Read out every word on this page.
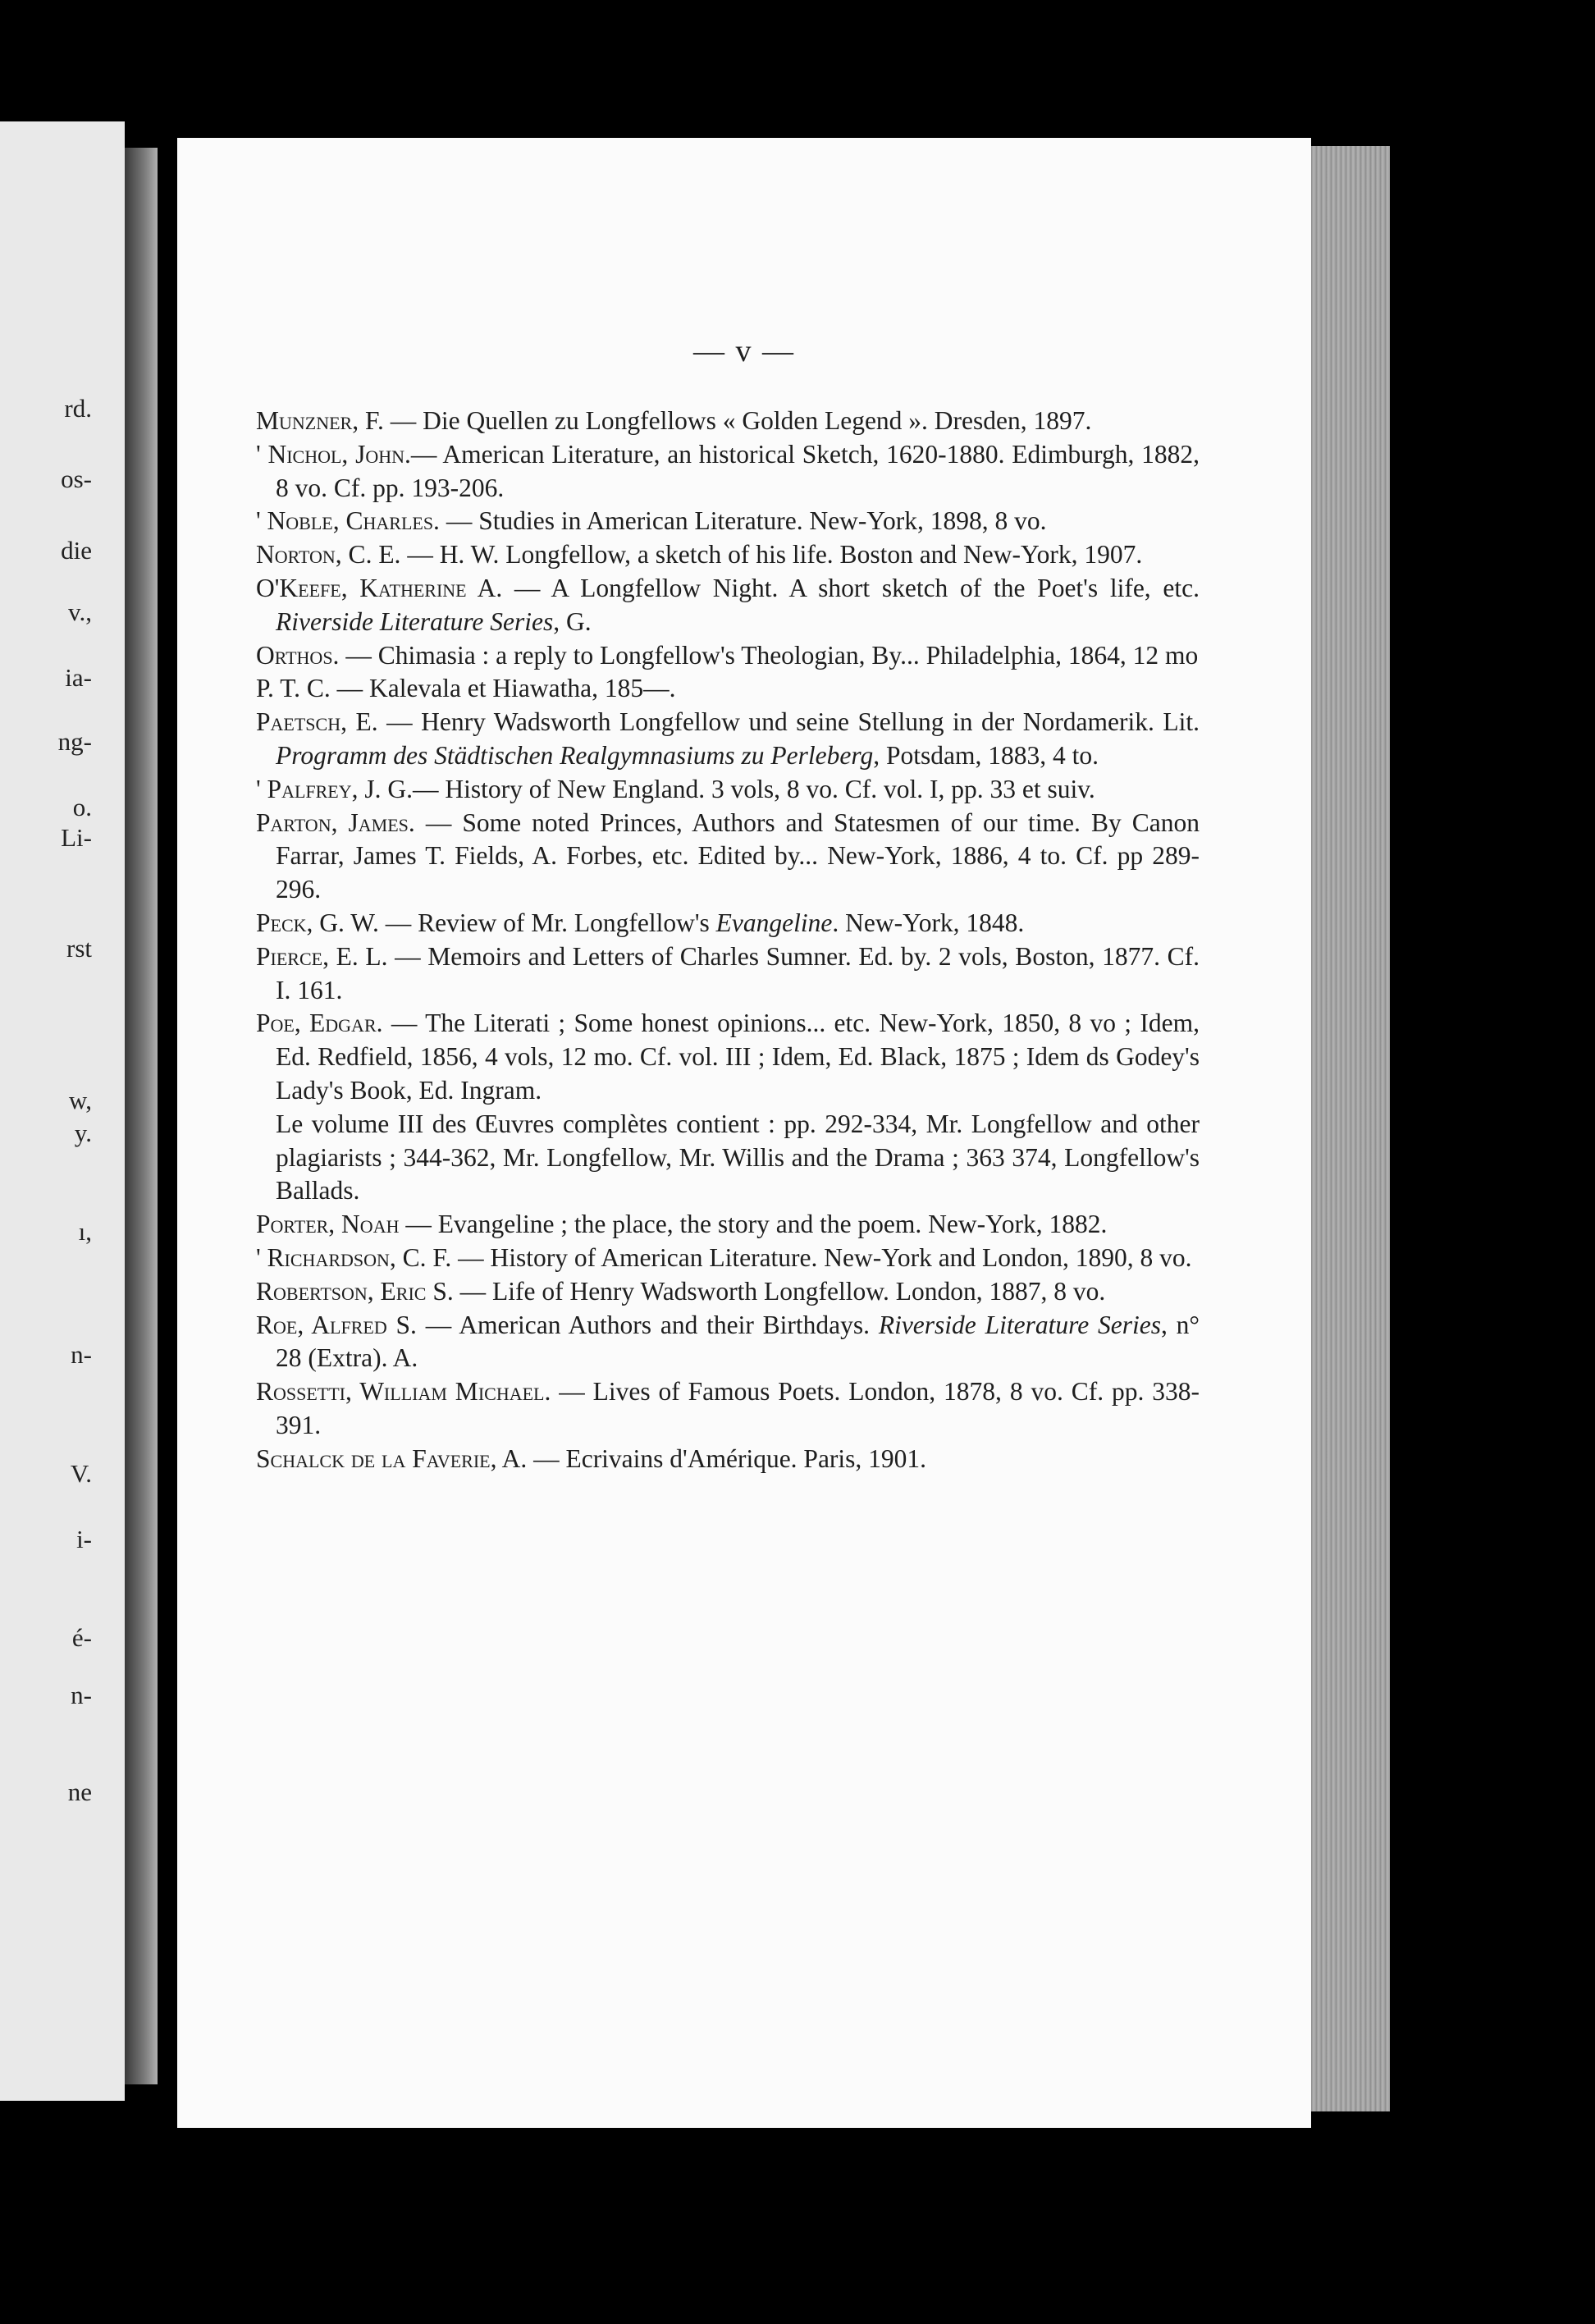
rd.
os-
die
v.,
ia-
ng-
o.
Li-
rst
w,
y.
ı,
n-
V.
i-
é-
n-
ne
— v —

Munzner, F. — Die Quellen zu Longfellows « Golden Legend ». Dresden, 1897.

' Nichol, John.— American Literature, an historical Sketch, 1620-1880. Edimburgh, 1882, 8 vo. Cf. pp. 193-206.

' Noble, Charles. — Studies in American Literature. New-York, 1898, 8 vo.

Norton, C. E. — H. W. Longfellow, a sketch of his life. Boston and New-York, 1907.

O'Keefe, Katherine A. — A Longfellow Night. A short sketch of the Poet's life, etc. Riverside Literature Series, G.

Orthos. — Chimasia : a reply to Longfellow's Theologian, By... Philadelphia, 1864, 12 mo

P. T. C. — Kalevala et Hiawatha, 185—.

Paetsch, E. — Henry Wadsworth Longfellow und seine Stellung in der Nordamerik. Lit. Programm des Städtischen Realgymnasiums zu Perleberg, Potsdam, 1883, 4 to.

' Palfrey, J. G.— History of New England. 3 vols, 8 vo. Cf. vol. I, pp. 33 et suiv.

Parton, James. — Some noted Princes, Authors and Statesmen of our time. By Canon Farrar, James T. Fields, A. Forbes, etc. Edited by... New-York, 1886, 4 to. Cf. pp 289-296.

Peck, G. W. — Review of Mr. Longfellow's Evangeline. New-York, 1848.

Pierce, E. L. — Memoirs and Letters of Charles Sumner. Ed. by. 2 vols, Boston, 1877. Cf. I. 161.

Poe, Edgar. — The Literati ; Some honest opinions... etc. New-York, 1850, 8 vo ; Idem, Ed. Redfield, 1856, 4 vols, 12 mo. Cf. vol. III ; Idem, Ed. Black, 1875 ; Idem ds Godey's Lady's Book, Ed. Ingram.

Le volume III des Œuvres complètes contient : pp. 292-334, Mr. Longfellow and other plagiarists ; 344-362, Mr. Longfellow, Mr. Willis and the Drama ; 363 374, Longfellow's Ballads.

Porter, Noah — Evangeline ; the place, the story and the poem. New-York, 1882.

' Richardson, C. F. — History of American Literature. New-York and London, 1890, 8 vo.

Robertson, Eric S. — Life of Henry Wadsworth Longfellow. London, 1887, 8 vo.

Roe, Alfred S. — American Authors and their Birthdays. Riverside Literature Series, n° 28 (Extra). A.

Rossetti, William Michael. — Lives of Famous Poets. London, 1878, 8 vo. Cf. pp. 338-391.

Schalck de la Faverie, A. — Ecrivains d'Amérique. Paris, 1901.
